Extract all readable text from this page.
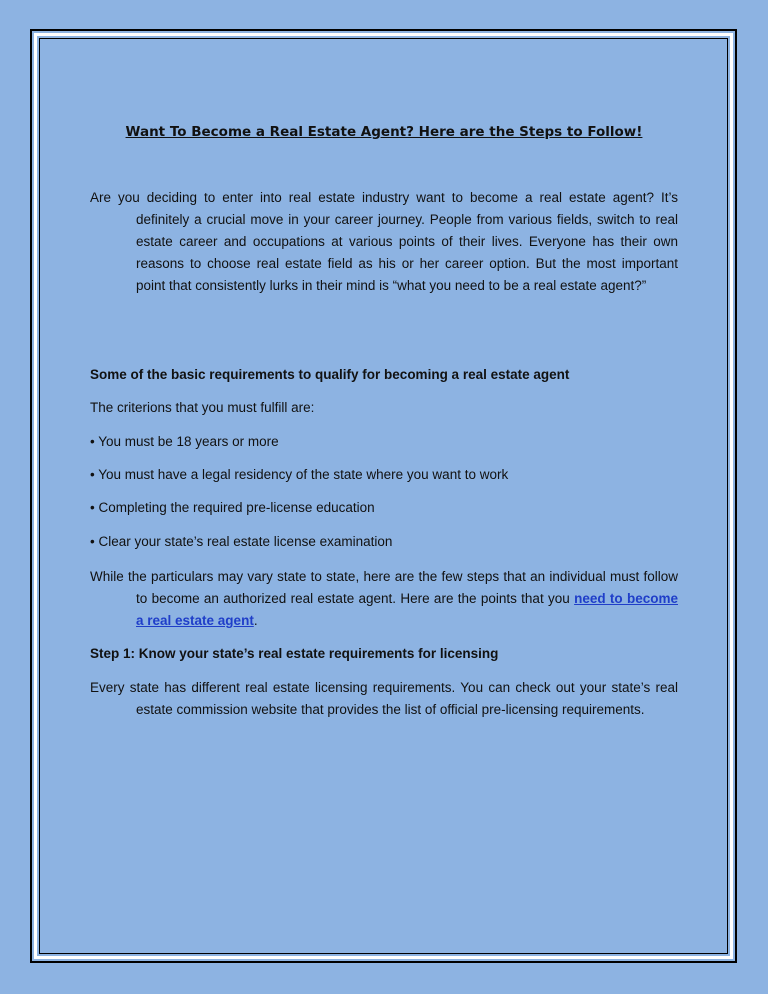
Want To Become a Real Estate Agent? Here are the Steps to Follow!
Are you deciding to enter into real estate industry want to become a real estate agent? It’s definitely a crucial move in your career journey. People from various fields, switch to real estate career and occupations at various points of their lives. Everyone has their own reasons to choose real estate field as his or her career option. But the most important point that consistently lurks in their mind is “what you need to be a real estate agent?”
Some of the basic requirements to qualify for becoming a real estate agent
The criterions that you must fulfill are:
• You must be 18 years or more
• You must have a legal residency of the state where you want to work
• Completing the required pre-license education
• Clear your state’s real estate license examination
While the particulars may vary state to state, here are the few steps that an individual must follow to become an authorized real estate agent. Here are the points that you need to become a real estate agent.
Step 1: Know your state’s real estate requirements for licensing
Every state has different real estate licensing requirements. You can check out your state’s real estate commission website that provides the list of official pre-licensing requirements.
